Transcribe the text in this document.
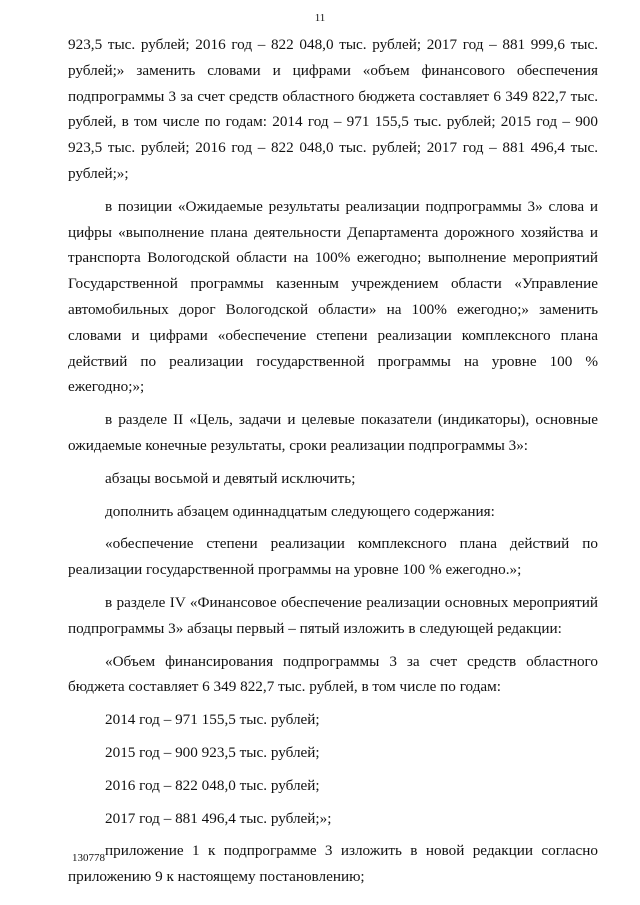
11

923,5 тыс. рублей; 2016 год – 822 048,0 тыс. рублей; 2017 год – 881 999,6 тыс. рублей;» заменить словами и цифрами «объем финансового обеспечения подпрограммы 3 за счет средств областного бюджета составляет 6 349 822,7 тыс. рублей, в том числе по годам: 2014 год – 971 155,5 тыс. рублей; 2015 год – 900 923,5 тыс. рублей; 2016 год – 822 048,0 тыс. рублей; 2017 год – 881 496,4 тыс. рублей;»;

в позиции «Ожидаемые результаты реализации подпрограммы 3» слова и цифры «выполнение плана деятельности Департамента дорожного хозяйства и транспорта Вологодской области на 100% ежегодно; выполнение мероприятий Государственной программы казенным учреждением области «Управление автомобильных дорог Вологодской области» на 100% ежегодно;» заменить словами и цифрами «обеспечение степени реализации комплексного плана действий по реализации государственной программы на уровне 100 % ежегодно;»;

в разделе II «Цель, задачи и целевые показатели (индикаторы), основные ожидаемые конечные результаты, сроки реализации подпрограммы 3»:

абзацы восьмой и девятый исключить;

дополнить абзацем одиннадцатым следующего содержания:

«обеспечение степени реализации комплексного плана действий по реализации государственной программы на уровне 100 % ежегодно.»;

в разделе IV «Финансовое обеспечение реализации основных мероприятий подпрограммы 3» абзацы первый – пятый изложить в следующей редакции:

«Объем финансирования подпрограммы 3 за счет средств областного бюджета составляет 6 349 822,7 тыс. рублей, в том числе по годам:

2014 год – 971 155,5 тыс. рублей;

2015 год – 900 923,5 тыс. рублей;

2016 год – 822 048,0 тыс. рублей;

2017 год – 881 496,4 тыс. рублей;»;

приложение 1 к подпрограмме 3 изложить в новой редакции согласно приложению 9 к настоящему постановлению;

130778
